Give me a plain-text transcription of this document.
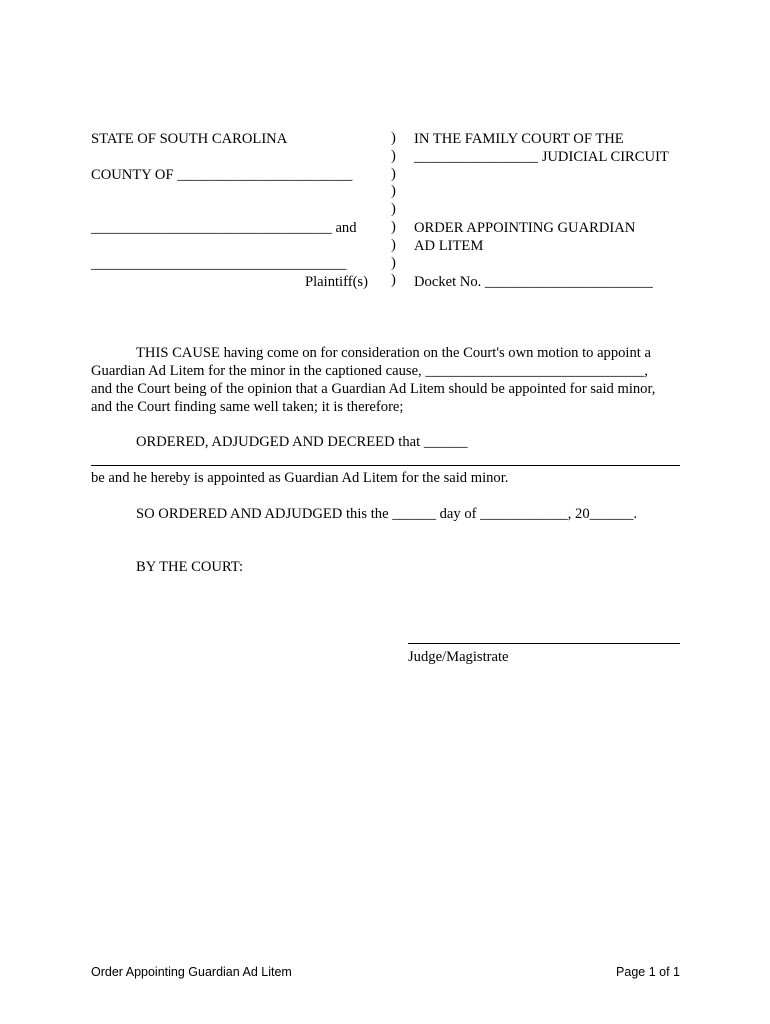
STATE OF SOUTH CAROLINA
COUNTY OF ________________________
_________________________________ and
___________________________________
Plaintiff(s)
)
)
)
)
)
)
)
)
)
IN THE FAMILY COURT OF THE
_________________ JUDICIAL CIRCUIT
ORDER APPOINTING GUARDIAN
AD LITEM
Docket No. _______________________
THIS CAUSE having come on for consideration on the Court's own motion to appoint a
Guardian Ad Litem for the minor in the captioned cause, ______________________________,
and the Court being of the opinion that a Guardian Ad Litem should be appointed for said minor,
and the Court finding same well taken; it is therefore;
ORDERED, ADJUDGED AND DECREED that ______
be and he hereby is appointed as Guardian Ad Litem for the said minor.
SO ORDERED AND ADJUDGED this the ______ day of ____________, 20______.
BY THE COURT:
Judge/Magistrate
Order Appointing Guardian Ad Litem	Page 1 of 1
